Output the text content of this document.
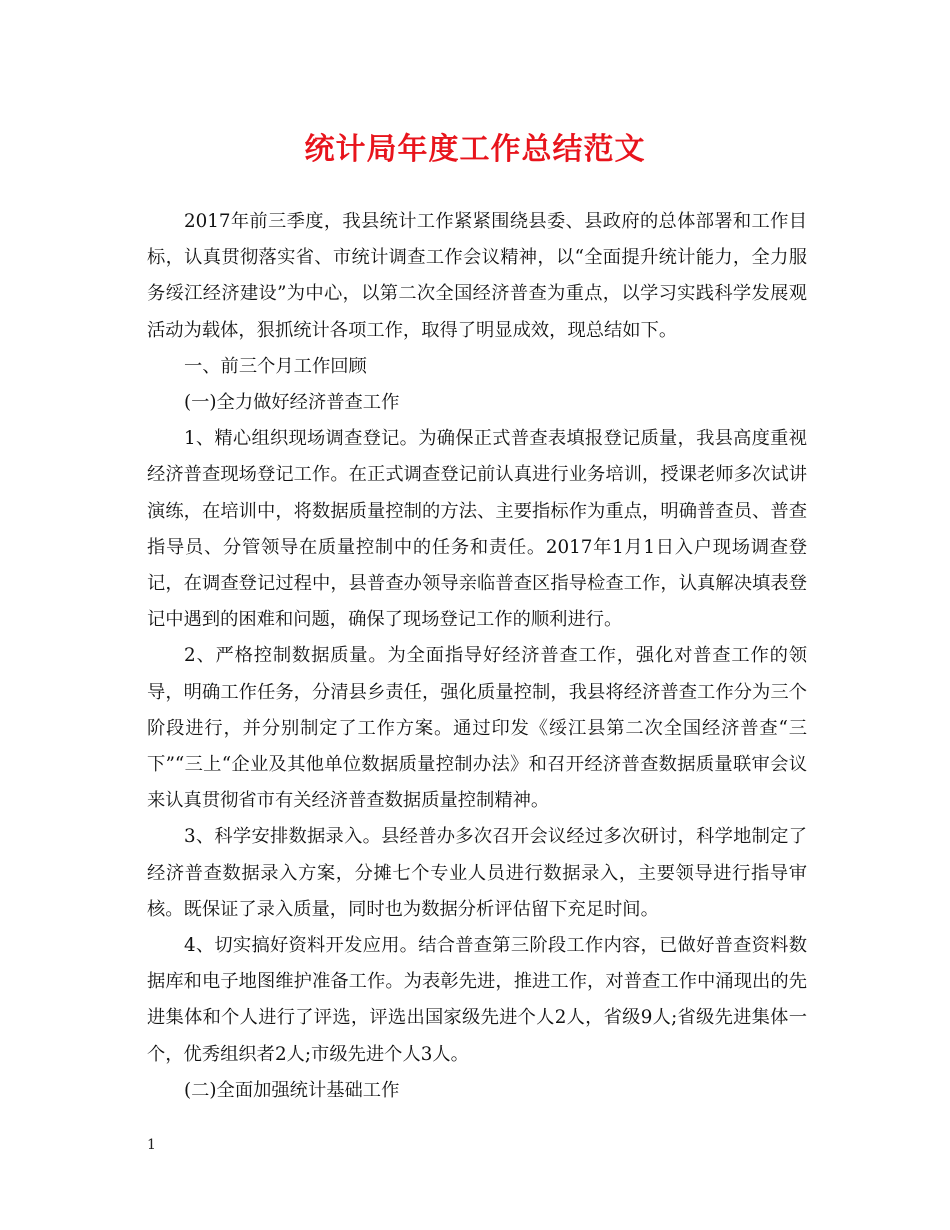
统计局年度工作总结范文

2017年前三季度，我县统计工作紧紧围绕县委、县政府的总体部署和工作目标，认真贯彻落实省、市统计调查工作会议精神，以“全面提升统计能力，全力服务绥江经济建设”为中心，以第二次全国经济普查为重点，以学习实践科学发展观活动为载体，狠抓统计各项工作，取得了明显成效，现总结如下。

一、前三个月工作回顾

(一)全力做好经济普查工作

1、精心组织现场调查登记。为确保正式普查表填报登记质量，我县高度重视经济普查现场登记工作。在正式调查登记前认真进行业务培训，授课老师多次试讲演练，在培训中，将数据质量控制的方法、主要指标作为重点，明确普查员、普查指导员、分管领导在质量控制中的任务和责任。2017年1月1日入户现场调查登记，在调查登记过程中，县普查办领导亲临普查区指导检查工作，认真解决填表登记中遇到的困难和问题，确保了现场登记工作的顺利进行。

2、严格控制数据质量。为全面指导好经济普查工作，强化对普查工作的领导，明确工作任务，分清县乡责任，强化质量控制，我县将经济普查工作分为三个阶段进行，并分别制定了工作方案。通过印发《绥江县第二次全国经济普查“三下”“三上“企业及其他单位数据质量控制办法》和召开经济普查数据质量联审会议来认真贯彻省市有关经济普查数据质量控制精神。

3、科学安排数据录入。县经普办多次召开会议经过多次研讨，科学地制定了经济普查数据录入方案，分摊七个专业人员进行数据录入，主要领导进行指导审核。既保证了录入质量，同时也为数据分析评估留下充足时间。

4、切实搞好资料开发应用。结合普查第三阶段工作内容，已做好普查资料数据库和电子地图维护准备工作。为表彰先进，推进工作，对普查工作中涌现出的先进集体和个人进行了评选，评选出国家级先进个人2人，省级9人;省级先进集体一个，优秀组织者2人;市级先进个人3人。

(二)全面加强统计基础工作

1
